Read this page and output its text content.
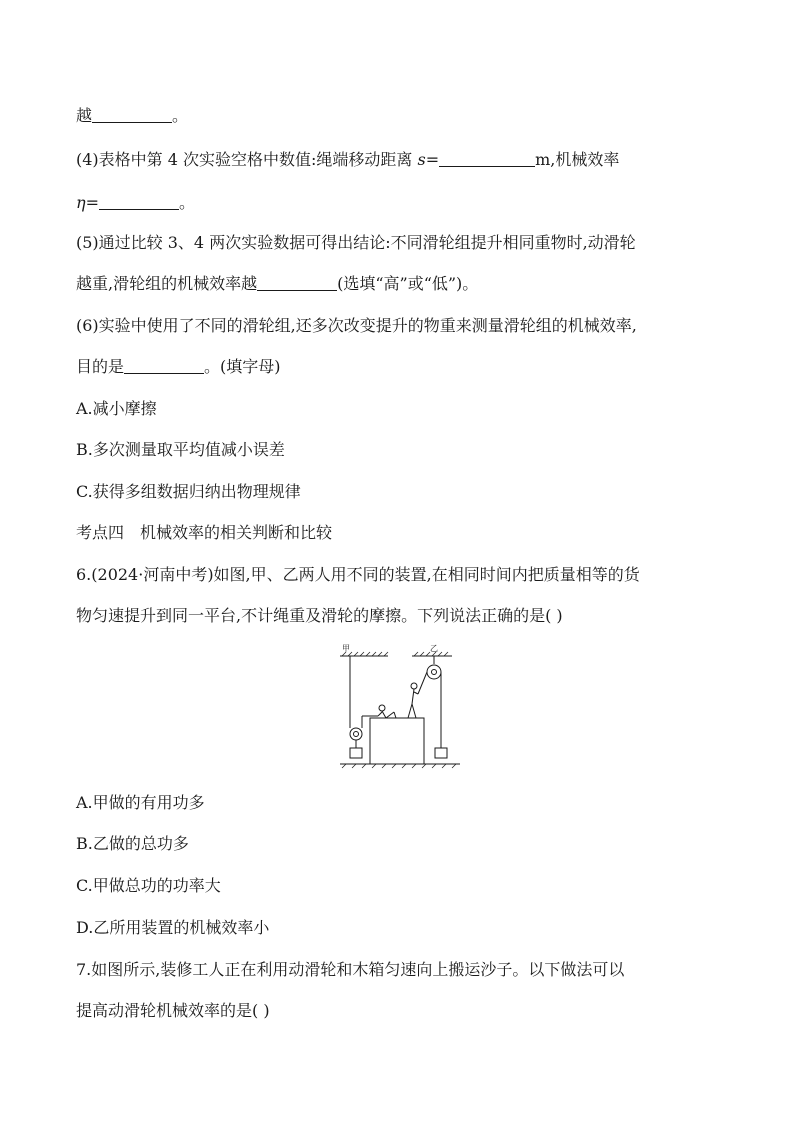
越	。
(4)表格中第 4 次实验空格中数值:绳端移动距离 s=	m,机械效率
η=	。
(5)通过比较 3、4 两次实验数据可得出结论:不同滑轮组提升相同重物时,动滑轮
越重,滑轮组的机械效率越	(选填“高”或“低”)。
(6)实验中使用了不同的滑轮组,还多次改变提升的物重来测量滑轮组的机械效率,
目的是	。(填字母)
A.减小摩擦
B.多次测量取平均值减小误差
C.获得多组数据归纳出物理规律
考点四　机械效率的相关判断和比较
6.(2024·河南中考)如图,甲、乙两人用不同的装置,在相同时间内把质量相等的货
物匀速提升到同一平台,不计绳重及滑轮的摩擦。下列说法正确的是( )
甲	乙
A.甲做的有用功多
B.乙做的总功多
C.甲做总功的功率大
D.乙所用装置的机械效率小
7.如图所示,装修工人正在利用动滑轮和木箱匀速向上搬运沙子。以下做法可以
提高动滑轮机械效率的是( )
